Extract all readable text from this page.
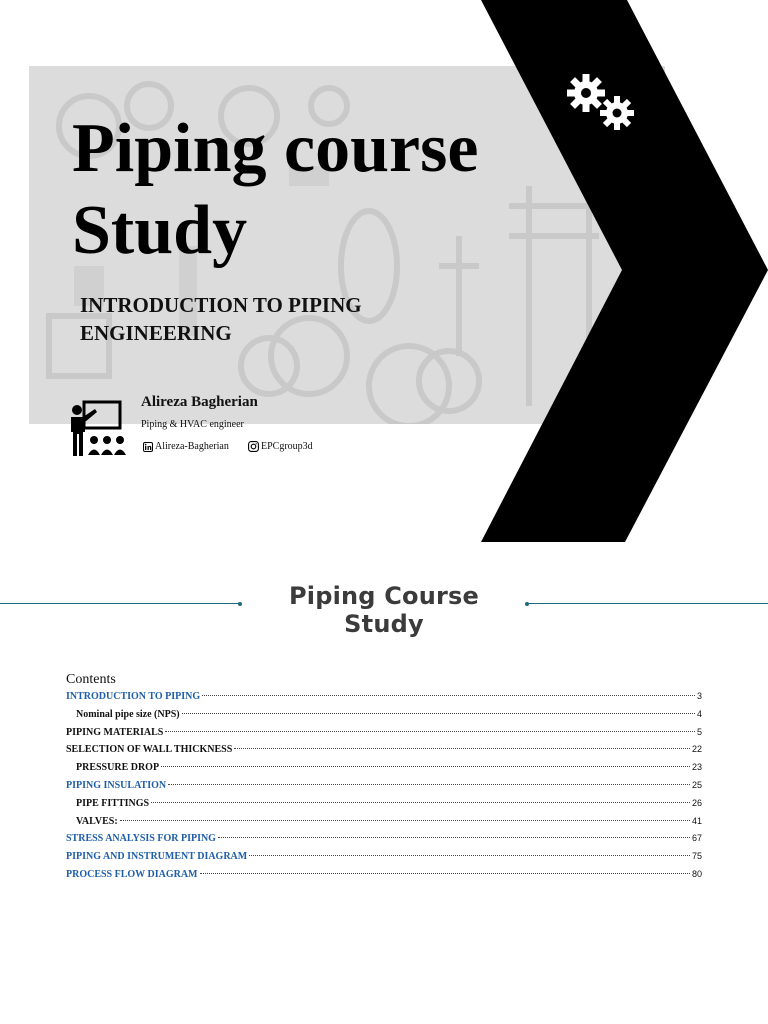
Piping course
Study
INTRODUCTION TO PIPING ENGINEERING
Alireza Bagherian
Piping & HVAC engineer
Alireza-Bagherian	EPCgroup3d
Piping Course Study
Contents
INTRODUCTION TO PIPING	3
Nominal pipe size (NPS)	4
PIPING MATERIALS	5
SELECTION OF WALL THICKNESS	22
PRESSURE DROP	23
PIPING INSULATION	25
PIPE FITTINGS	26
VALVES:	41
STRESS ANALYSIS FOR PIPING	67
PIPING AND INSTRUMENT DIAGRAM	75
PROCESS FLOW DIAGRAM	80
